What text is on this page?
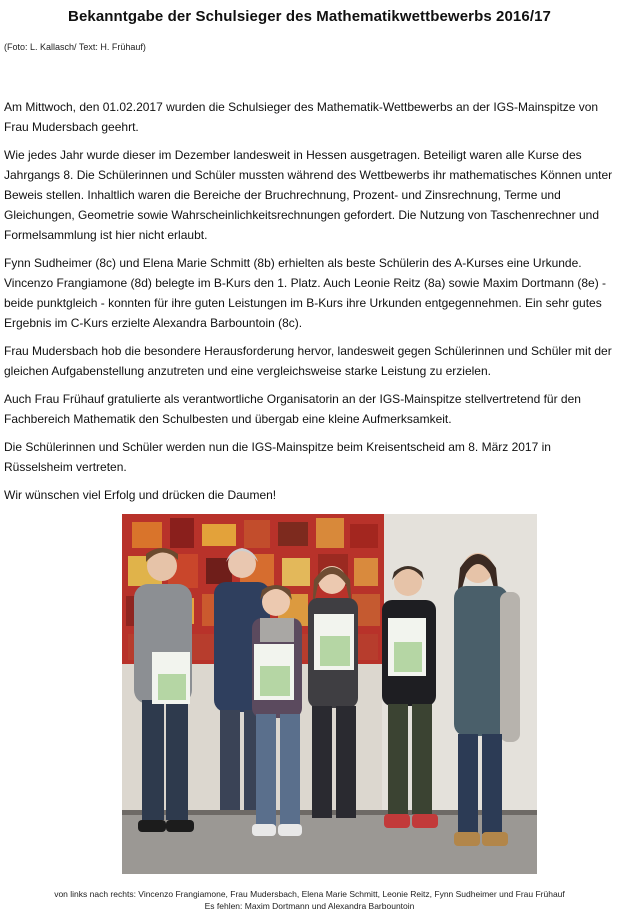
Bekanntgabe der Schulsieger des Mathematikwettbewerbs 2016/17
(Foto: L. Kallasch/ Text: H. Frühauf)

Am Mittwoch, den 01.02.2017 wurden die Schulsieger des Mathematik-Wettbewerbs an der IGS-Mainspitze von Frau Mudersbach geehrt.

Wie jedes Jahr wurde dieser im Dezember landesweit in Hessen ausgetragen. Beteiligt waren alle Kurse des Jahrgangs 8. Die Schülerinnen und Schüler mussten während des Wettbewerbs ihr mathematisches Können unter Beweis stellen. Inhaltlich waren die Bereiche der Bruchrechnung, Prozent- und Zinsrechnung, Terme und Gleichungen, Geometrie sowie Wahrscheinlichkeitsrechnungen gefordert. Die Nutzung von Taschenrechner und Formelsammlung ist hier nicht erlaubt.

Fynn Sudheimer (8c) und Elena Marie Schmitt (8b) erhielten als beste Schülerin des A-Kurses eine Urkunde. Vincenzo Frangiamone (8d) belegte im B-Kurs den 1. Platz. Auch Leonie Reitz (8a) sowie Maxim Dortmann (8e) - beide punktgleich - konnten für ihre guten Leistungen im B-Kurs ihre Urkunden entgegennehmen. Ein sehr gutes Ergebnis im C-Kurs erzielte Alexandra Barbountoin (8c).

Frau Mudersbach hob die besondere Herausforderung hervor, landesweit gegen Schülerinnen und Schüler mit der gleichen Aufgabenstellung anzutreten und eine vergleichsweise starke Leistung zu erzielen.

Auch Frau Frühauf gratulierte als verantwortliche Organisatorin an der IGS-Mainspitze stellvertretend für den Fachbereich Mathematik den Schulbesten und übergab eine kleine Aufmerksamkeit.

Die Schülerinnen und Schüler werden nun die IGS-Mainspitze beim Kreisentscheid am 8. März 2017 in Rüsselsheim vertreten.

Wir wünschen viel Erfolg und drücken die Daumen!

von links nach rechts: Vincenzo Frangiamone, Frau Mudersbach, Elena Marie Schmitt, Leonie Reitz, Fynn Sudheimer und Frau Frühauf
Es fehlen: Maxim Dortmann und Alexandra Barbountoin
